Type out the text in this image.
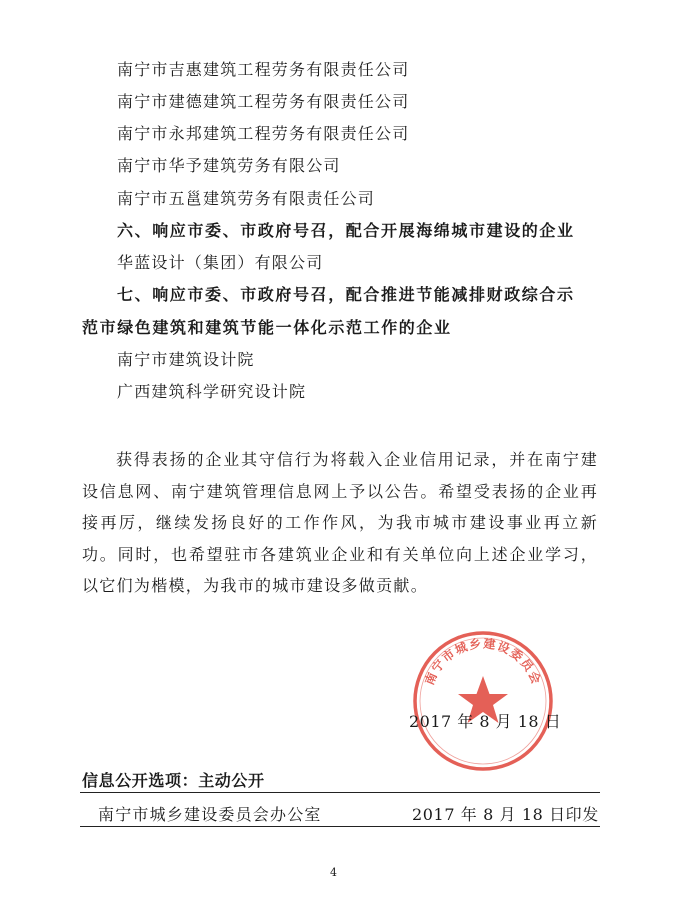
南宁市吉惠建筑工程劳务有限责任公司
南宁市建德建筑工程劳务有限责任公司
南宁市永邦建筑工程劳务有限责任公司
南宁市华予建筑劳务有限公司
南宁市五邕建筑劳务有限责任公司
六、响应市委、市政府号召，配合开展海绵城市建设的企业
华蓝设计（集团）有限公司
七、响应市委、市政府号召，配合推进节能减排财政综合示
范市绿色建筑和建筑节能一体化示范工作的企业
南宁市建筑设计院
广西建筑科学研究设计院
获得表扬的企业其守信行为将载入企业信用记录，并在南宁建设信息网、南宁建筑管理信息网上予以公告。希望受表扬的企业再接再厉，继续发扬良好的工作作风，为我市城市建设事业再立新功。同时，也希望驻市各建筑业企业和有关单位向上述企业学习，以它们为楷模，为我市的城市建设多做贡献。
南宁市城乡建设委员会
2017 年 8 月 18 日
信息公开选项：主动公开
南宁市城乡建设委员会办公室	2017 年 8 月 18 日印发
4
